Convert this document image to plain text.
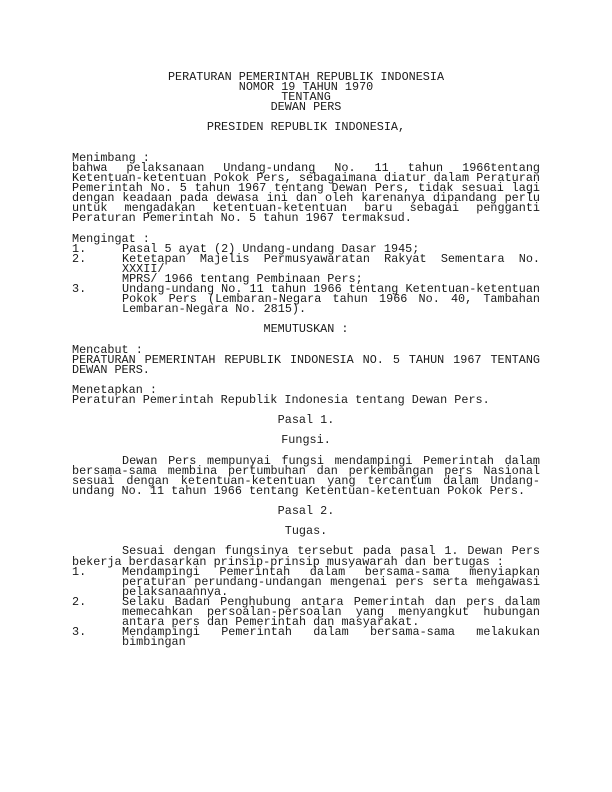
PERATURAN PEMERINTAH REPUBLIK INDONESIA
NOMOR 19 TAHUN 1970
TENTANG
DEWAN PERS
PRESIDEN REPUBLIK INDONESIA,
Menimbang :
bahwa pelaksanaan Undang-undang No. 11 tahun 1966tentang
Ketentuan-ketentuan Pokok Pers, sebagaimana diatur dalam Peraturan
Pemerintah No. 5 tahun 1967 tentang Dewan Pers, tidak sesuai lagi
dengan keadaan pada dewasa ini dan oleh karenanya dipandang perlu
untuk mengadakan ketentuan-ketentuan baru sebagai pengganti
Peraturan Pemerintah No. 5 tahun 1967 termaksud.
Mengingat :
1.	Pasal 5 ayat (2) Undang-undang Dasar 1945;
2.	Ketetapan Majelis Permusyawaratan Rakyat Sementara No. XXXII/
MPRS/ 1966 tentang Pembinaan Pers;
3.	Undang-undang No. 11 tahun 1966 tentang Ketentuan-ketentuan
Pokok Pers (Lembaran-Negara tahun 1966 No. 40, Tambahan
Lembaran-Negara No. 2815).
MEMUTUSKAN :
Mencabut :
PERATURAN PEMERINTAH REPUBLIK INDONESIA NO. 5 TAHUN 1967 TENTANG
DEWAN PERS.
Menetapkan :
Peraturan Pemerintah Republik Indonesia tentang Dewan Pers.
Pasal 1.
Fungsi.
Dewan Pers mempunyai fungsi mendampingi Pemerintah dalam
bersama-sama membina pertumbuhan dan perkembangan pers Nasional
sesuai dengan ketentuan-ketentuan yang tercantum dalam Undang-
undang No. 11 tahun 1966 tentang Ketentuan-ketentuan Pokok Pers.
Pasal 2.
Tugas.
Sesuai dengan fungsinya tersebut pada pasal 1. Dewan Pers
bekerja berdasarkan prinsip-prinsip musyawarah dan bertugas :
1.	Mendampingi Pemerintah dalam bersama-sama menyiapkan
peraturan perundang-undangan mengenai pers serta mengawasi
pelaksanaannya.
2.	Selaku Badan Penghubung antara Pemerintah dan pers dalam
memecahkan persoalan-persoalan yang menyangkut hubungan
antara pers dan Pemerintah dan masyarakat.
3.	Mendampingi Pemerintah dalam bersama-sama melakukan bimbingan
